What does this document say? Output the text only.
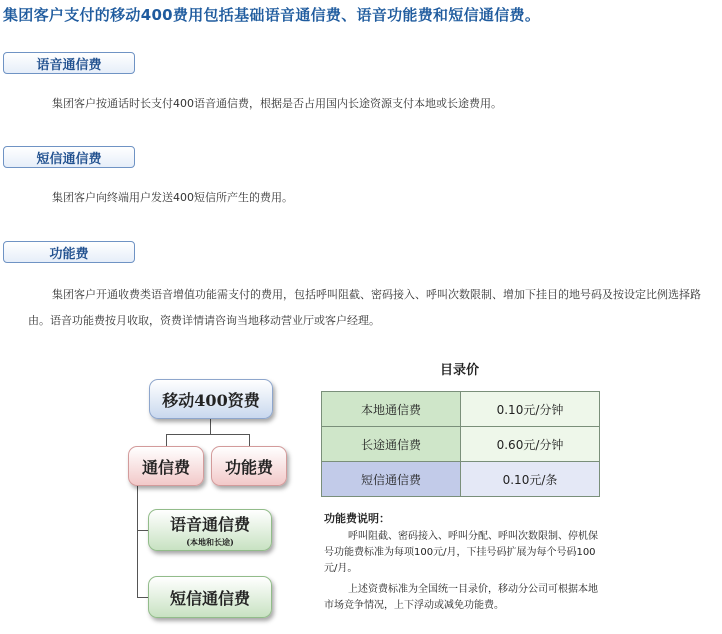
集团客户支付的移动400费用包括基础语音通信费、语音功能费和短信通信费。
语音通信费
集团客户按通话时长支付400语音通信费，根据是否占用国内长途资源支付本地或长途费用。
短信通信费
集团客户向终端用户发送400短信所产生的费用。
功能费
集团客户开通收费类语音增值功能需支付的费用，包括呼叫阻截、密码接入、呼叫次数限制、增加下挂目的地号码及按设定比例选择路由。语音功能费按月收取，资费详情请咨询当地移动营业厅或客户经理。
移动400资费
通信费 功能费
语音通信费
(本地和长途)
短信通信费
目录价
本地通信费	0.10元/分钟
长途通信费	0.60元/分钟
短信通信费	0.10元/条
功能费说明：
呼叫阻截、密码接入、呼叫分配、呼叫次数限制、停机保号功能费标准为每项100元/月，下挂号码扩展为每个号码100元/月。
上述资费标准为全国统一目录价，移动分公司可根据本地市场竞争情况，上下浮动或减免功能费。
